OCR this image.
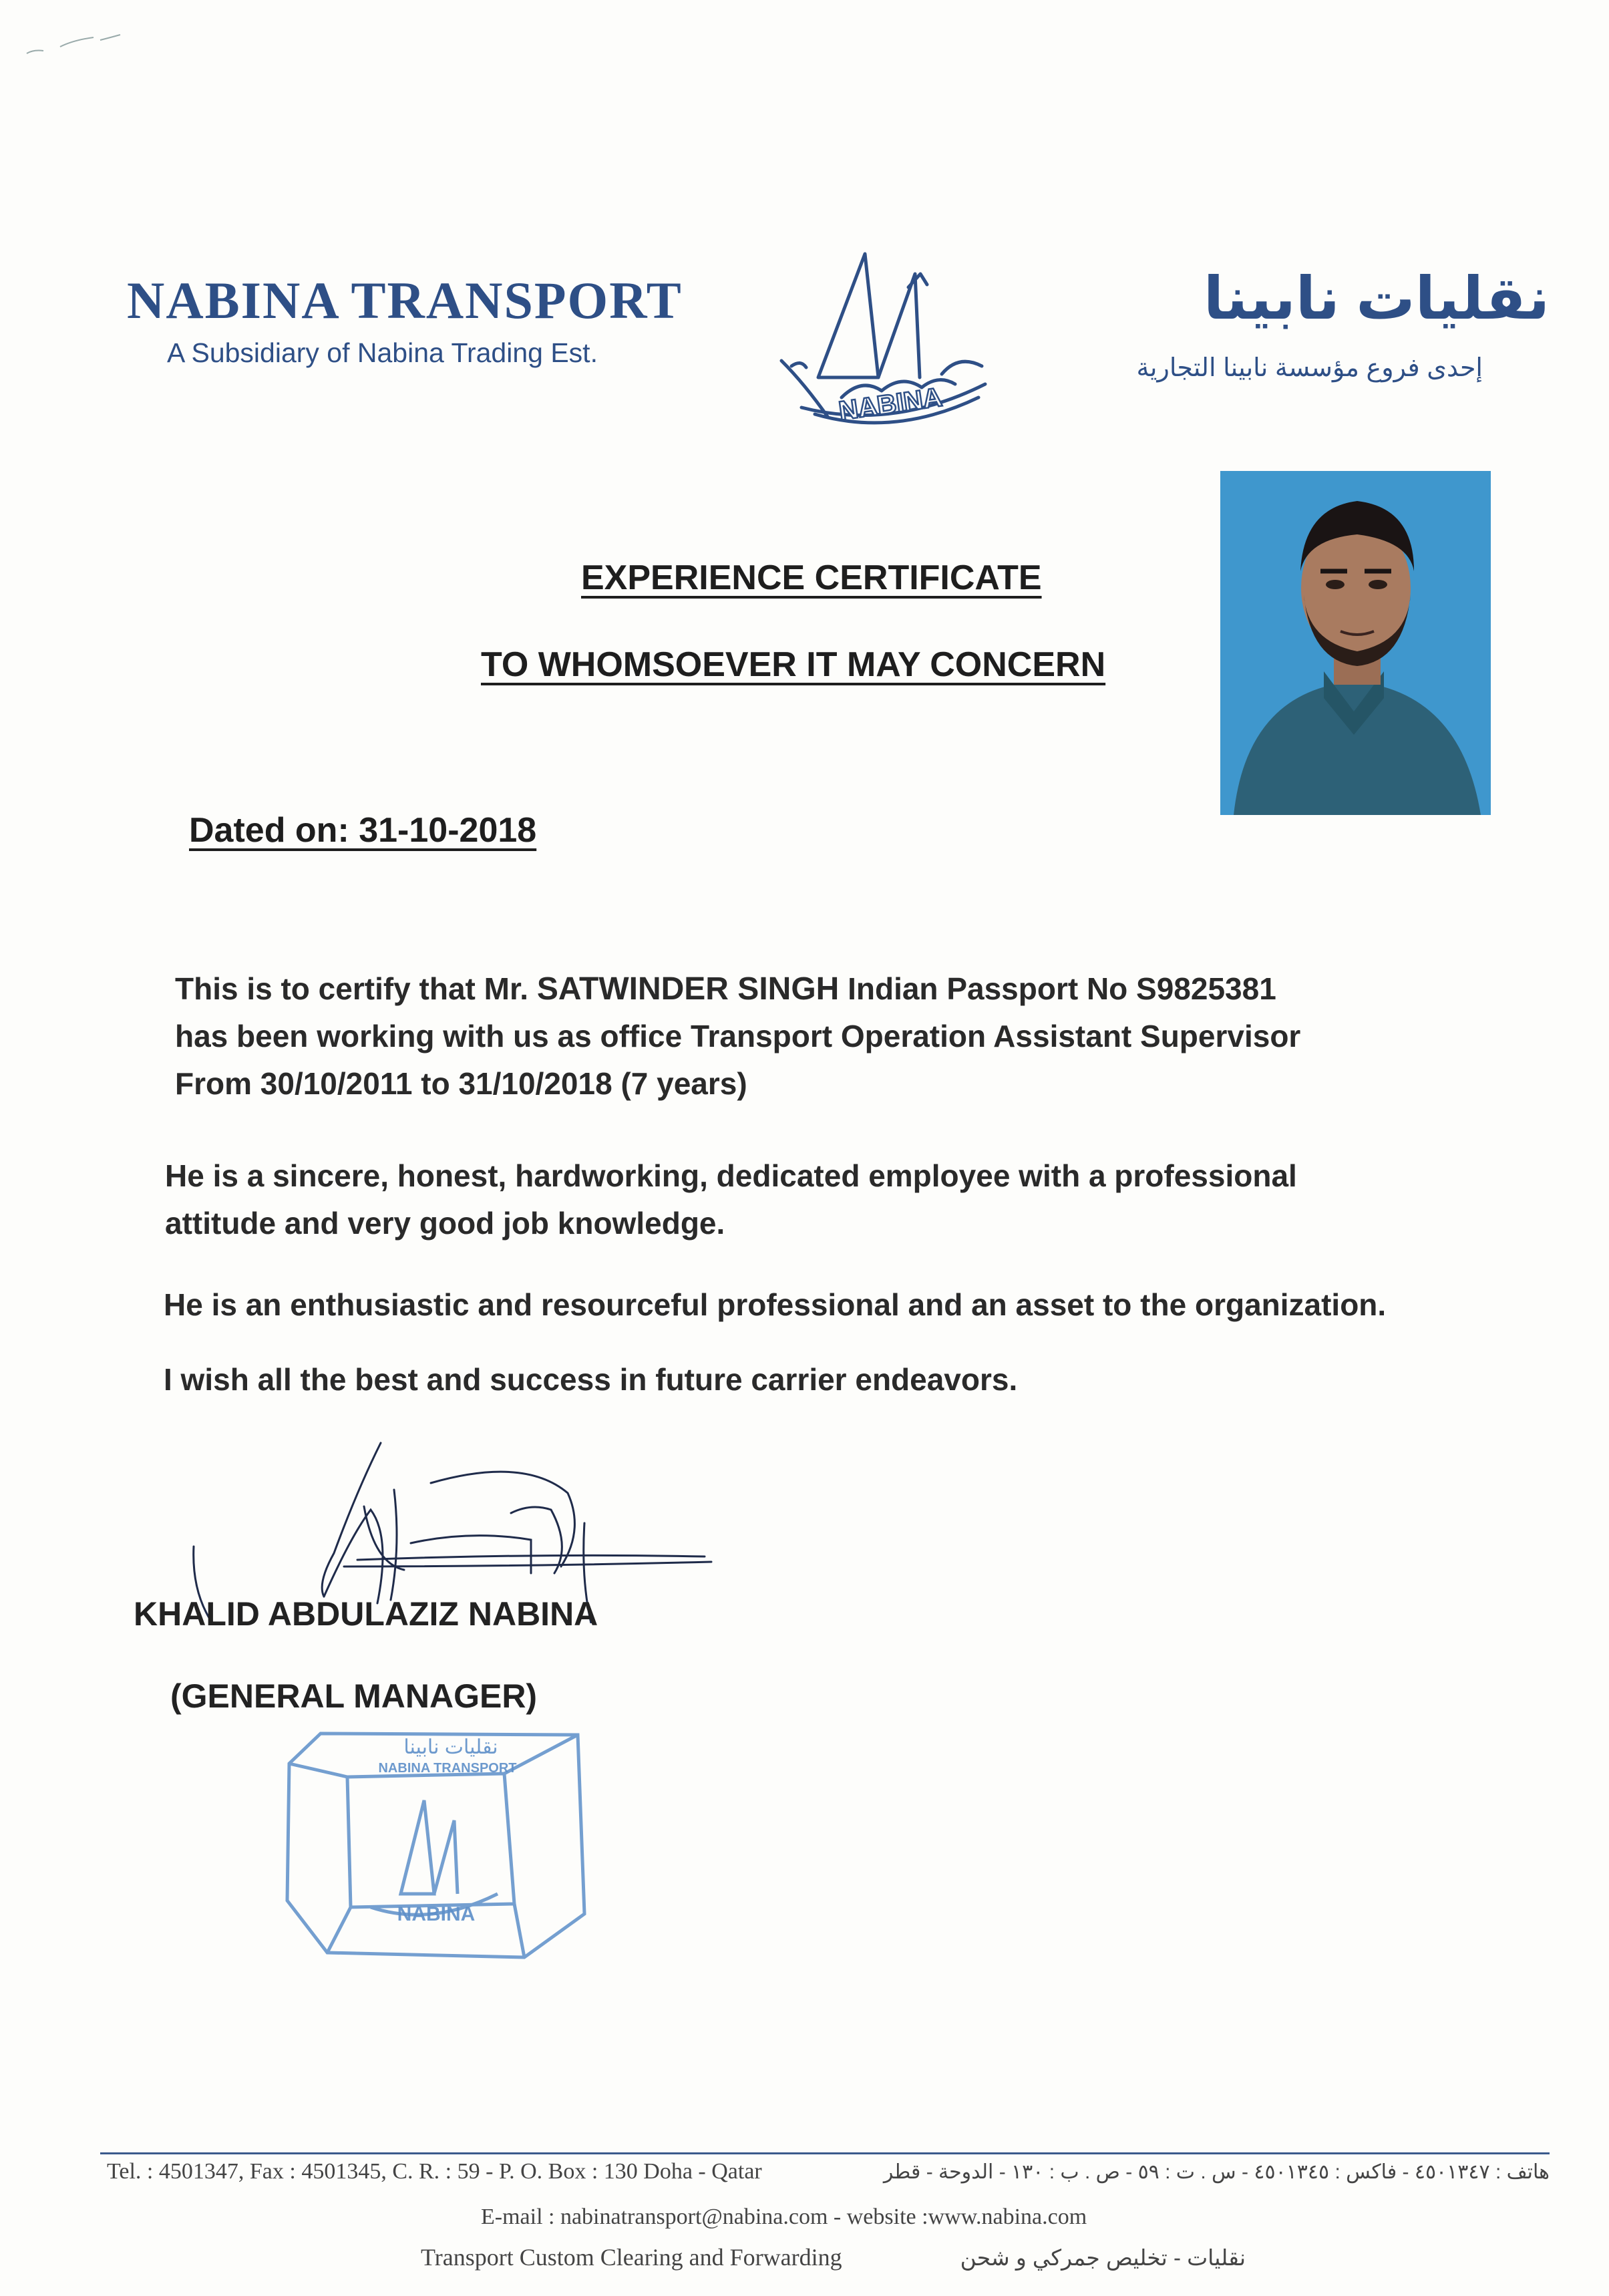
NABINA TRANSPORT
A Subsidiary of Nabina Trading Est.
NABINA
نقليات نابينا
إحدى فروع مؤسسة نابينا التجارية
EXPERIENCE CERTIFICATE
TO WHOMSOEVER IT MAY CONCERN
Dated on: 31-10-2018
This is to certify that Mr. SATWINDER SINGH Indian Passport No S9825381
has been working with us as office Transport Operation Assistant Supervisor
From 30/10/2011 to 31/10/2018 (7 years)
He is a sincere, honest, hardworking, dedicated employee with a professional
attitude and very good job knowledge.
He is an enthusiastic and resourceful professional and an asset to the organization.
I wish all the best and success in future carrier endeavors.
KHALID ABDULAZIZ NABINA
(GENERAL MANAGER)
نقليات نابينا
NABINA TRANSPORT
NABINA
Tel. : 4501347, Fax : 4501345, C. R. : 59 - P. O. Box : 130 Doha - Qatar	هاتف : ٤٥٠١٣٤٧ - فاكس : ٤٥٠١٣٤٥ - س . ت : ٥٩ - ص . ب : ١٣٠ - الدوحة - قطر
E-mail : nabinatransport@nabina.com - website :www.nabina.com
Transport Custom Clearing and Forwarding	نقليات - تخليص جمركي و شحن
